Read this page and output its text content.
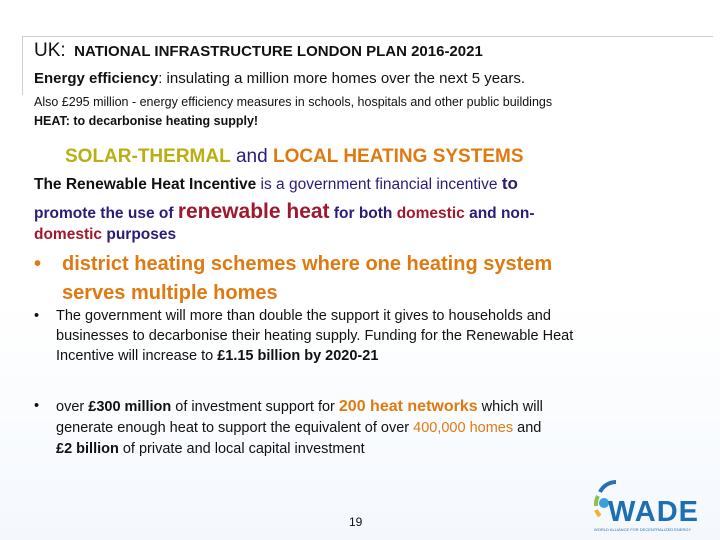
UK: NATIONAL INFRASTRUCTURE LONDON PLAN 2016-2021
Energy efficiency: insulating a million more homes over the next 5 years.
Also £295 million - energy efficiency measures in schools, hospitals and other public buildings
HEAT: to decarbonise heating supply!
SOLAR-THERMAL and LOCAL HEATING SYSTEMS
The Renewable Heat Incentive is a government financial incentive to
promote the use of renewable heat for both domestic and non-
domestic purposes
• district heating schemes where one heating system
serves multiple homes
• The government will more than double the support it gives to households and
businesses to decarbonise their heating supply. Funding for the Renewable Heat
Incentive will increase to £1.15 billion by 2020-21
• over £300 million of investment support for 200 heat networks which will
generate enough heat to support the equivalent of over 400,000 homes and
£2 billion of private and local capital investment
19	WADE
WORLD ALLIANCE FOR DECENTRALIZED ENERGY
